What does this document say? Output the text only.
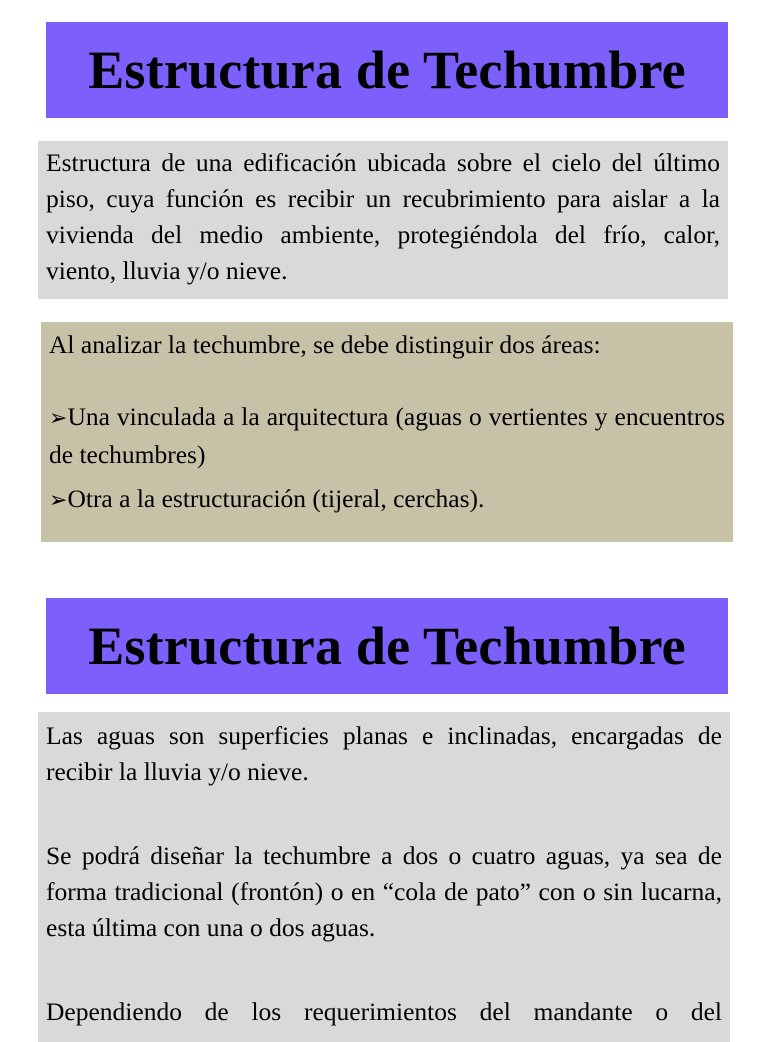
Estructura de Techumbre
Estructura de una edificación ubicada sobre el cielo del último piso, cuya función es recibir un recubrimiento para aislar a la vivienda del medio ambiente, protegiéndola del frío, calor, viento, lluvia y/o nieve.

Al analizar la techumbre, se debe distinguir dos áreas:

➢Una vinculada a la arquitectura (aguas o vertientes y encuentros de techumbres)

➢Otra a la estructuración (tijeral, cerchas).

Estructura de Techumbre

Las aguas son superficies planas e inclinadas, encargadas de recibir la lluvia y/o nieve.

Se podrá diseñar la techumbre a dos o cuatro aguas, ya sea de forma tradicional (frontón) o en “cola de pato” con o sin lucarna, esta última con una o dos aguas.

Dependiendo de los requerimientos del mandante o del
